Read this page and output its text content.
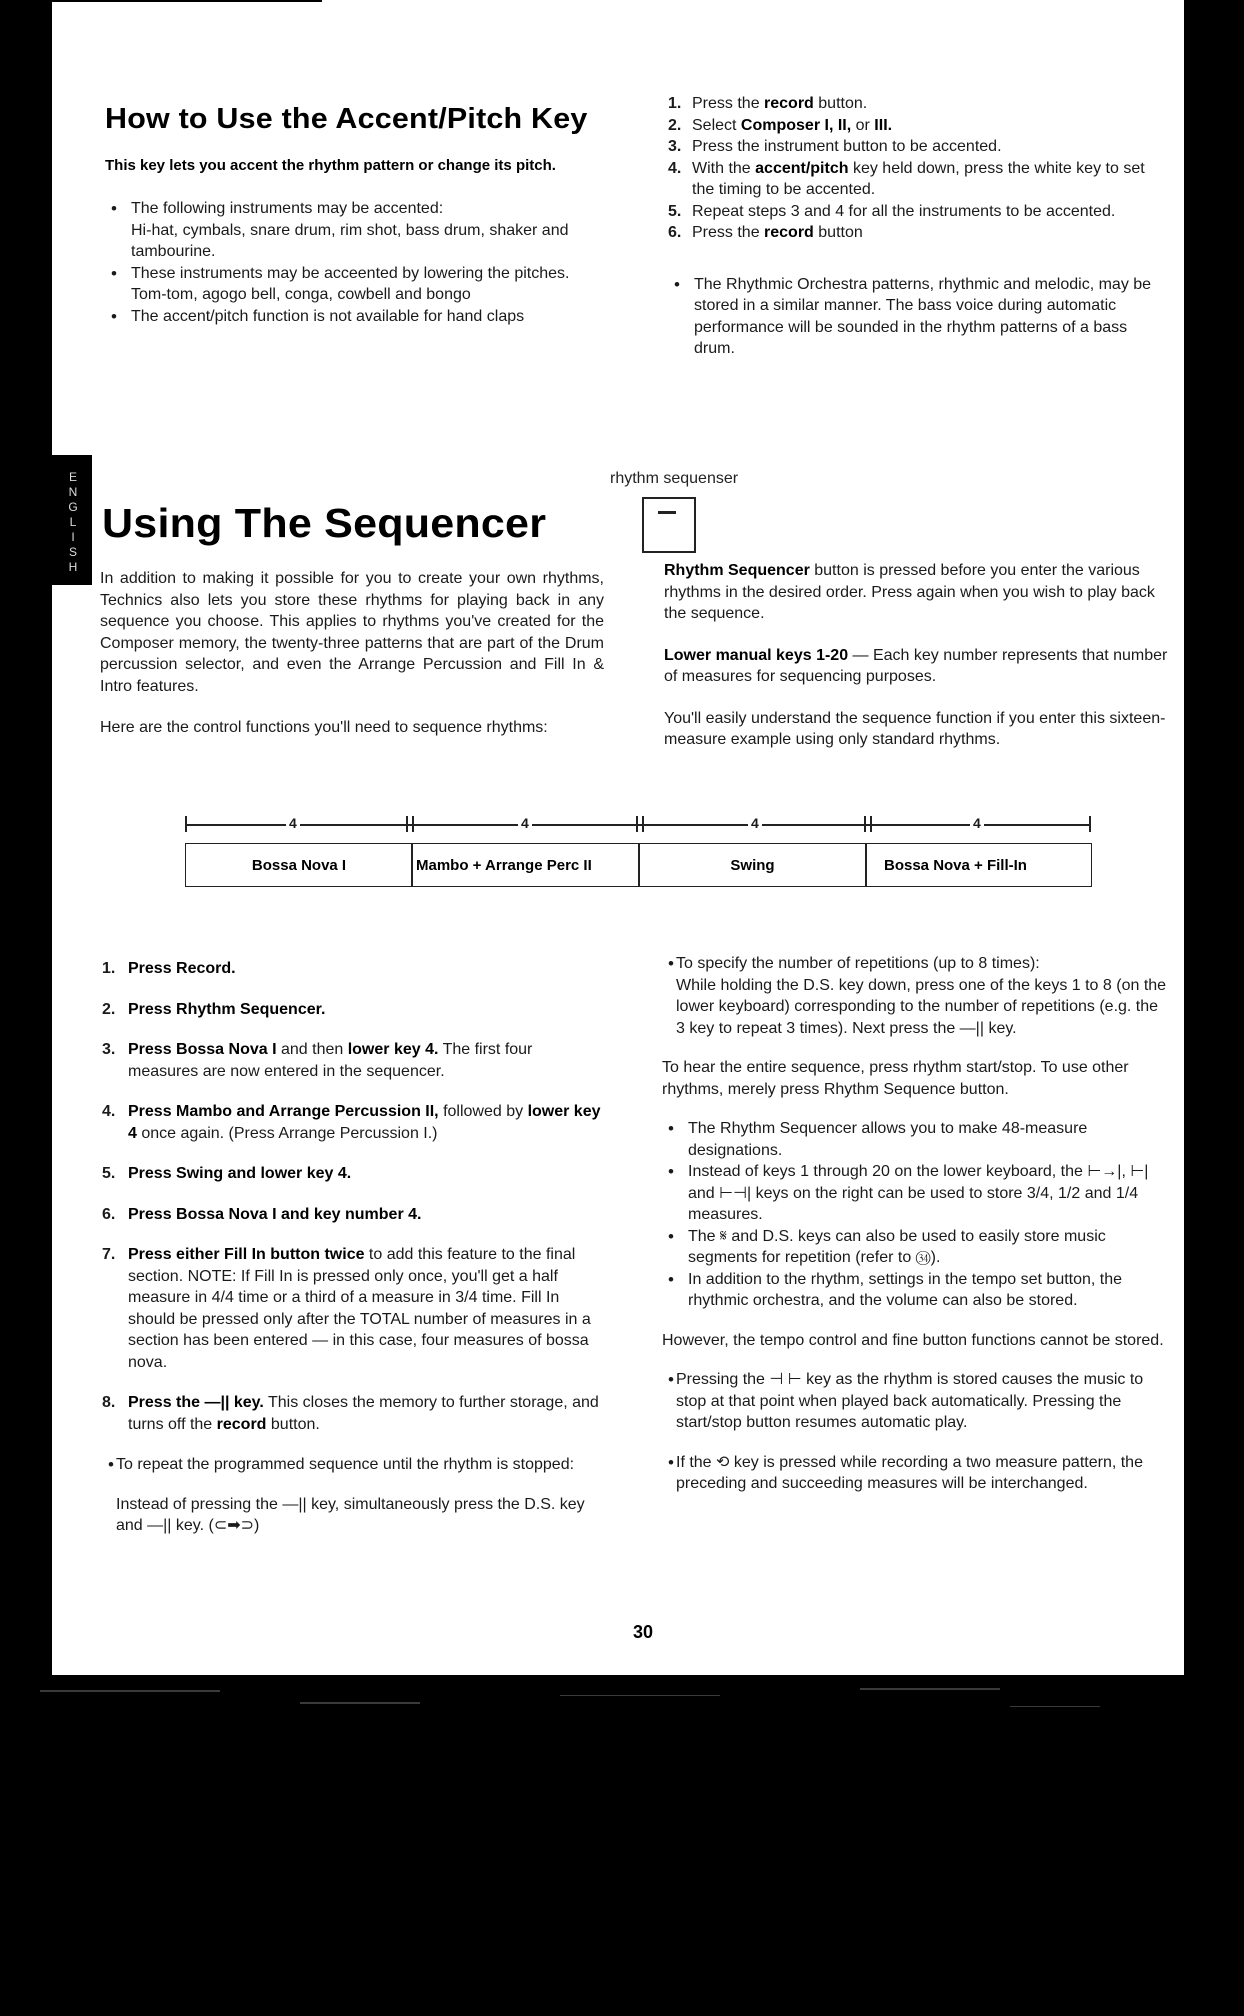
E
N
G
L
I
S
H
How to Use the Accent/Pitch Key
This key lets you accent the rhythm pattern or change its pitch.
• The following instruments may be accented:
Hi-hat, cymbals, snare drum, rim shot, bass drum, shaker and tambourine.
• These instruments may be acceented by lowering the pitches.
Tom-tom, agogo bell, conga, cowbell and bongo
• The accent/pitch function is not available for hand claps
1. Press the record button.
2. Select Composer I, II, or III.
3. Press the instrument button to be accented.
4. With the accent/pitch key held down, press the white key to set the timing to be accented.
5. Repeat steps 3 and 4 for all the instruments to be accented.
6. Press the record button
• The Rhythmic Orchestra patterns, rhythmic and melodic, may be stored in a similar manner. The bass voice during automatic performance will be sounded in the rhythm patterns of a bass drum.
Using The Sequencer
rhythm sequenser

In addition to making it possible for you to create your own rhythms, Technics also lets you store these rhythms for playing back in any sequence you choose. This applies to rhythms you've created for the Composer memory, the twenty-three patterns that are part of the Drum percussion selector, and even the Arrange Percussion and Fill In & Intro features.

Here are the control functions you'll need to sequence rhythms:

Rhythm Sequencer button is pressed before you enter the various rhythms in the desired order. Press again when you wish to play back the sequence.

Lower manual keys 1-20 — Each key number represents that number of measures for sequencing purposes.

You'll easily understand the sequence function if you enter this sixteen-measure example using only standard rhythms.

4	4	4	4
Bossa Nova I	Mambo + Arrange Perc II	Swing	Bossa Nova + Fill-In
1. Press Record.
2. Press Rhythm Sequencer.
3. Press Bossa Nova I and then lower key 4. The first four measures are now entered in the sequencer.
4. Press Mambo and Arrange Percussion II, followed by lower key 4 once again. (Press Arrange Percussion I.)
5. Press Swing and lower key 4.
6. Press Bossa Nova I and key number 4.
7. Press either Fill In button twice to add this feature to the final section. NOTE: If Fill In is pressed only once, you'll get a half measure in 4/4 time or a third of a measure in 3/4 time. Fill In should be pressed only after the TOTAL number of measures in a section has been entered — in this case, four measures of bossa nova.
8. Press the —|| key. This closes the memory to further storage, and turns off the record button.
• To repeat the programmed sequence until the rhythm is stopped:

Instead of pressing the —|| key, simultaneously press the D.S. key and —|| key. (⊂➡⊃)

• To specify the number of repetitions (up to 8 times):
While holding the D.S. key down, press one of the keys 1 to 8 (on the lower keyboard) corresponding to the number of repetitions (e.g. the 3 key to repeat 3 times). Next press the —|| key.

To hear the entire sequence, press rhythm start/stop. To use other rhythms, merely press Rhythm Sequence button.

• The Rhythm Sequencer allows you to make 48-measure designations.
• Instead of keys 1 through 20 on the lower keyboard, the ⊢→|, ⊢| and ⊢⊣| keys on the right can be used to store 3/4, 1/2 and 1/4 measures.
• The 𝄋 and D.S. keys can also be used to easily store music segments for repetition (refer to ㉞).
• In addition to the rhythm, settings in the tempo set button, the rhythmic orchestra, and the volume can also be stored.

However, the tempo control and fine button functions cannot be stored.

• Pressing the ⊣ ⊢ key as the rhythm is stored causes the music to stop at that point when played back automatically. Pressing the start/stop button resumes automatic play.
• If the ⟲ key is pressed while recording a two measure pattern, the preceding and succeeding measures will be interchanged.
30
